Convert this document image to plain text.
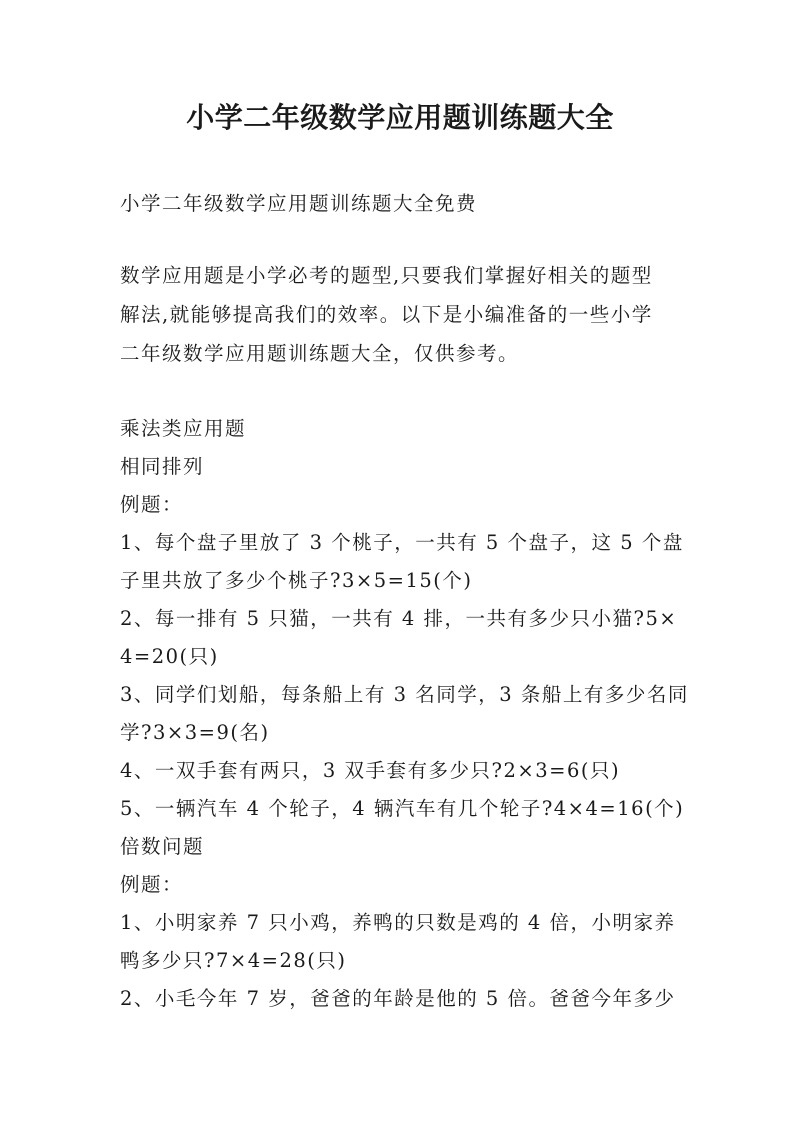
小学二年级数学应用题训练题大全
小学二年级数学应用题训练题大全免费
数学应用题是小学必考的题型,只要我们掌握好相关的题型
解法,就能够提高我们的效率。以下是小编准备的一些小学
二年级数学应用题训练题大全，仅供参考。
乘法类应用题
相同排列
例题：
1、每个盘子里放了 3 个桃子，一共有 5 个盘子，这 5 个盘
子里共放了多少个桃子?3×5=15(个)
2、每一排有 5 只猫，一共有 4 排，一共有多少只小猫?5×
4=20(只)
3、同学们划船，每条船上有 3 名同学，3 条船上有多少名同
学?3×3=9(名)
4、一双手套有两只，3 双手套有多少只?2×3=6(只)
5、一辆汽车 4 个轮子，4 辆汽车有几个轮子?4×4=16(个)
倍数问题
例题：
1、小明家养 7 只小鸡，养鸭的只数是鸡的 4 倍，小明家养
鸭多少只?7×4=28(只)
2、小毛今年 7 岁，爸爸的年龄是他的 5 倍。爸爸今年多少
